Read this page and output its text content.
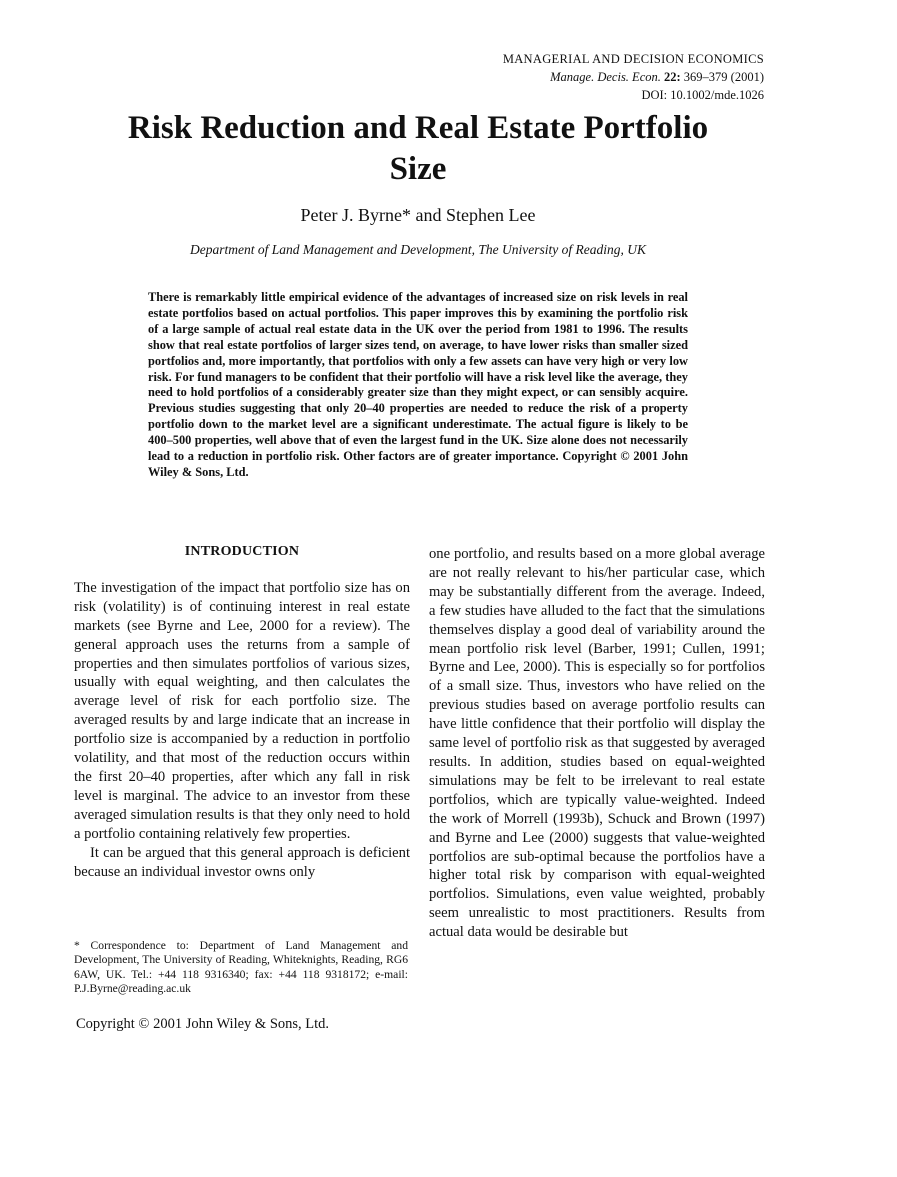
MANAGERIAL AND DECISION ECONOMICS
Manage. Decis. Econ. 22: 369–379 (2001)
DOI: 10.1002/mde.1026
Risk Reduction and Real Estate Portfolio
Size
Peter J. Byrne* and Stephen Lee
Department of Land Management and Development, The University of Reading, UK
There is remarkably little empirical evidence of the advantages of increased size on risk levels in real estate portfolios based on actual portfolios. This paper improves this by examining the portfolio risk of a large sample of actual real estate data in the UK over the period from 1981 to 1996. The results show that real estate portfolios of larger sizes tend, on average, to have lower risks than smaller sized portfolios and, more importantly, that portfolios with only a few assets can have very high or very low risk. For fund managers to be confident that their portfolio will have a risk level like the average, they need to hold portfolios of a considerably greater size than they might expect, or can sensibly acquire. Previous studies suggesting that only 20–40 properties are needed to reduce the risk of a property portfolio down to the market level are a significant underestimate. The actual figure is likely to be 400–500 properties, well above that of even the largest fund in the UK. Size alone does not necessarily lead to a reduction in portfolio risk. Other factors are of greater importance. Copyright © 2001 John Wiley & Sons, Ltd.
INTRODUCTION

The investigation of the impact that portfolio size has on risk (volatility) is of continuing interest in real estate markets (see Byrne and Lee, 2000 for a review). The general approach uses the returns from a sample of properties and then simulates portfolios of various sizes, usually with equal weighting, and then calculates the average level of risk for each portfolio size. The averaged results by and large indicate that an increase in portfolio size is accompanied by a reduction in portfolio volatility, and that most of the reduction occurs within the first 20–40 properties, after which any fall in risk level is marginal. The advice to an investor from these averaged simulation results is that they only need to hold a portfolio containing relatively few properties.

It can be argued that this general approach is deficient because an individual investor owns only

* Correspondence to: Department of Land Management and Development, The University of Reading, Whiteknights, Reading, RG6 6AW, UK. Tel.: +44 118 9316340; fax: +44 118 9318172; e-mail: P.J.Byrne@reading.ac.uk

one portfolio, and results based on a more global average are not really relevant to his/her particular case, which may be substantially different from the average. Indeed, a few studies have alluded to the fact that the simulations themselves display a good deal of variability around the mean portfolio risk level (Barber, 1991; Cullen, 1991; Byrne and Lee, 2000). This is especially so for portfolios of a small size. Thus, investors who have relied on the previous studies based on average portfolio results can have little confidence that their portfolio will display the same level of portfolio risk as that suggested by averaged results. In addition, studies based on equal-weighted simulations may be felt to be irrelevant to real estate portfolios, which are typically value-weighted. Indeed the work of Morrell (1993b), Schuck and Brown (1997) and Byrne and Lee (2000) suggests that value-weighted portfolios are sub-optimal because the portfolios have a higher total risk by comparison with equal-weighted portfolios. Simulations, even value weighted, probably seem unrealistic to most practitioners. Results from actual data would be desirable but

Copyright © 2001 John Wiley & Sons, Ltd.
